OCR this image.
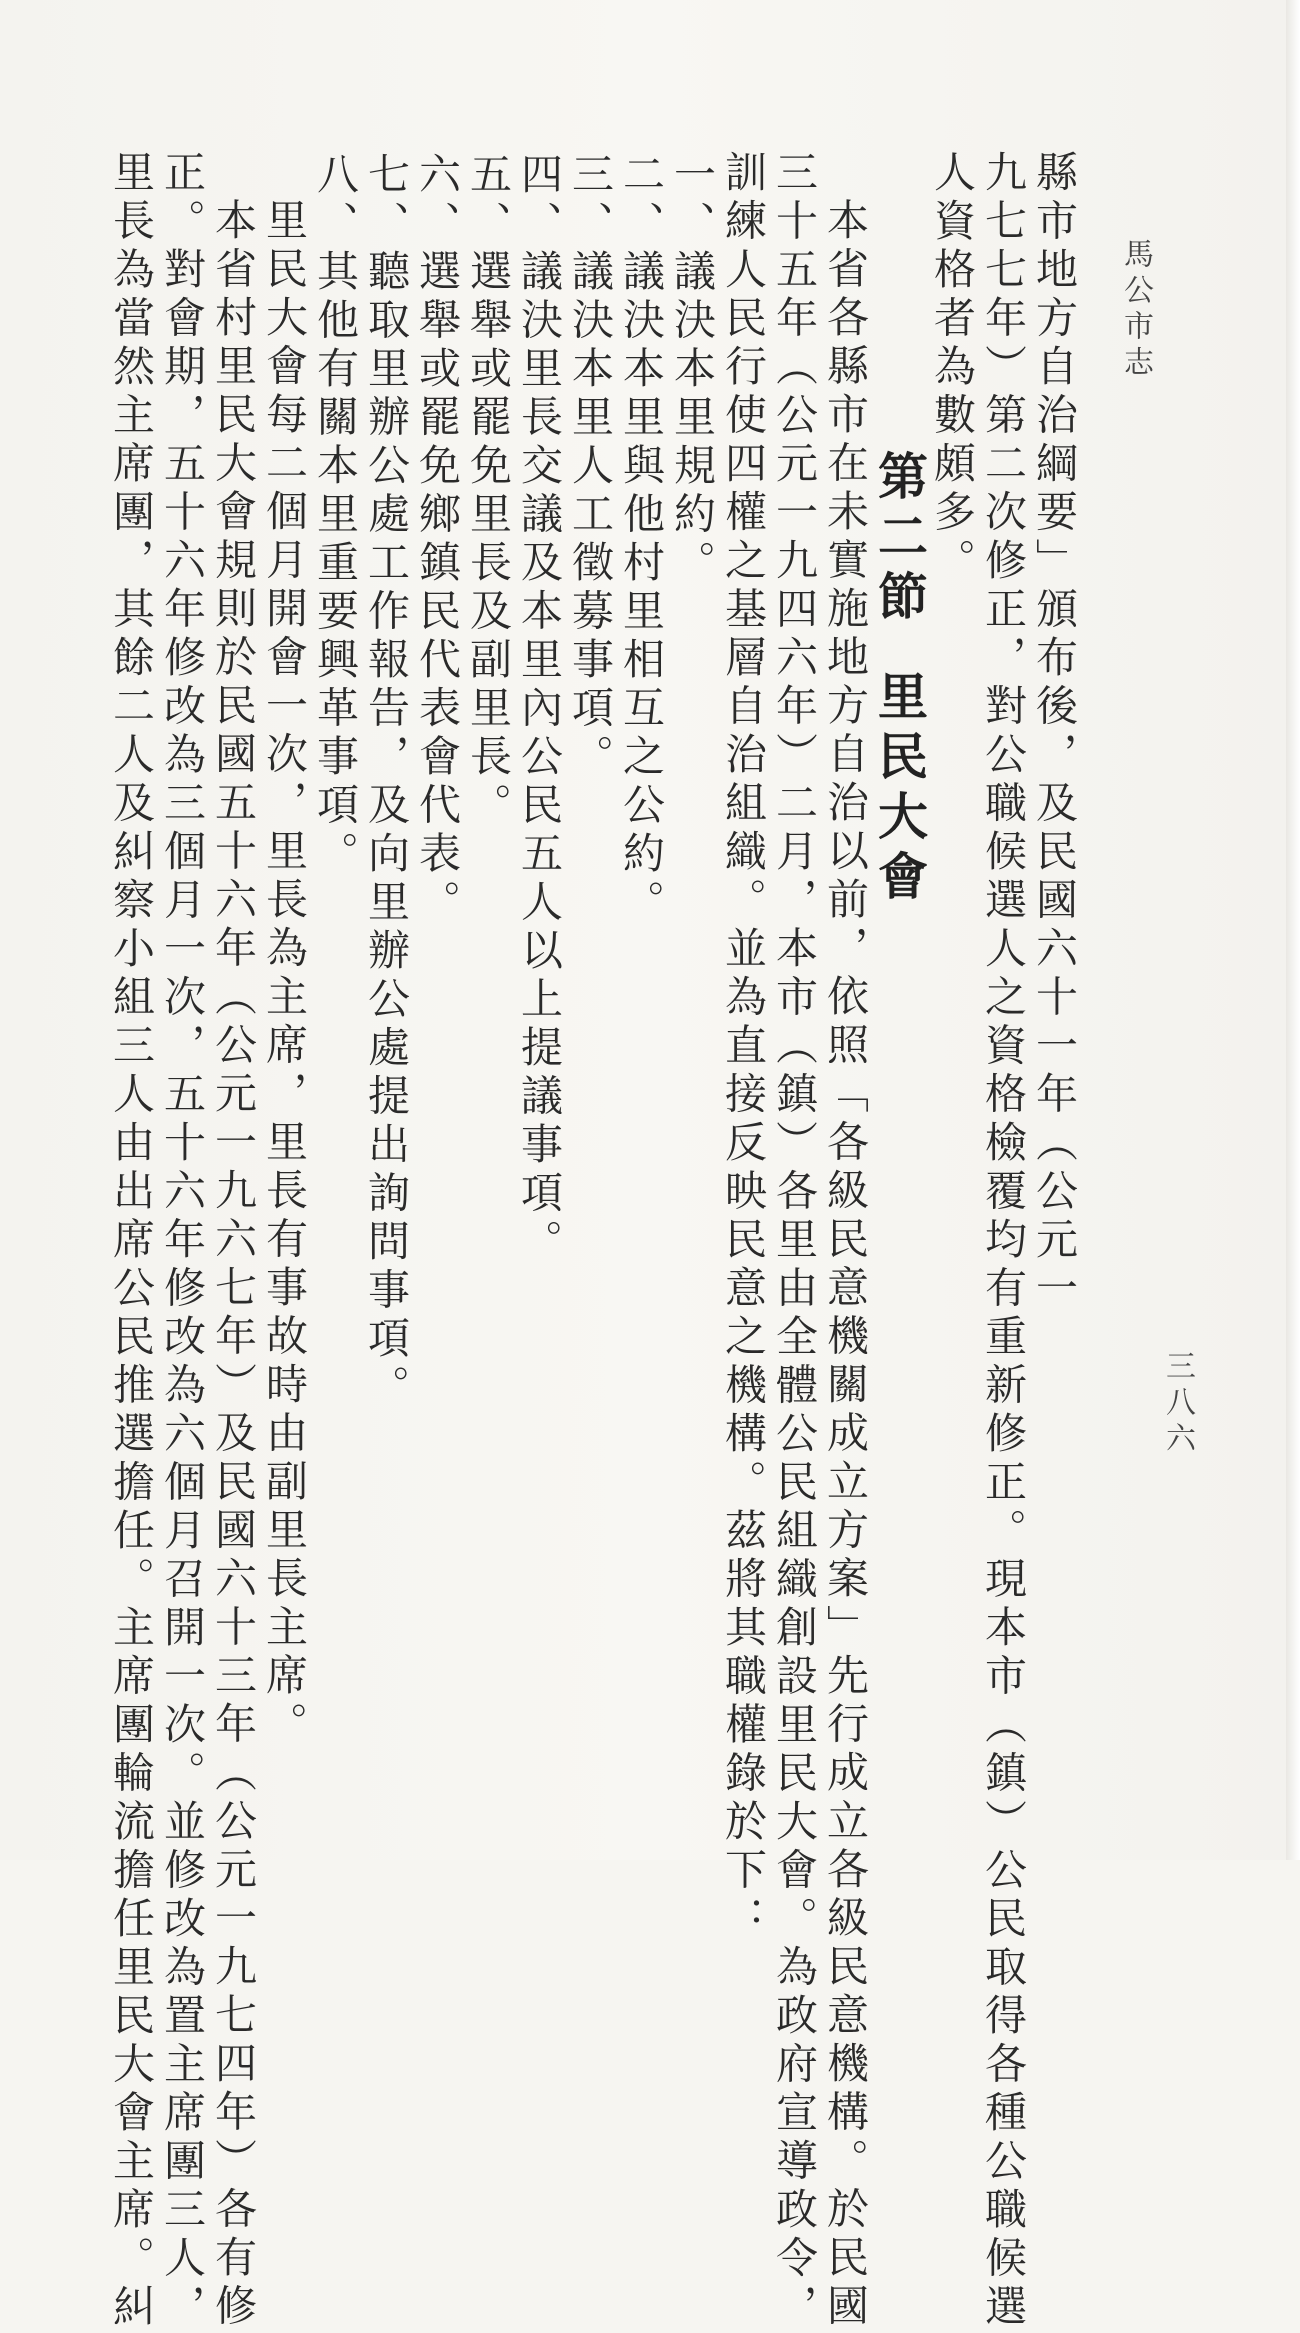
馬公市志
三八六

縣市地方自治綱要」頒布後，及民國六十一年（公元一

九七七年）第二次修正，對公職候選人之資格檢覆均有重新修正。現本市（鎮）公民取得各種公職候選

人資格者為數頗多。

第二節里民大會

本省各縣市在未實施地方自治以前，依照「各級民意機關成立方案」先行成立各級民意機構。於民國

三十五年（公元一九四六年）二月，本市（鎮）各里由全體公民組織創設里民大會。為政府宣導政令，

訓練人民行使四權之基層自治組織。並為直接反映民意之機構。茲將其職權錄於下：

一、議決本里規約。

二、議決本里與他村里相互之公約。

三、議決本里人工徵募事項。

四、議決里長交議及本里內公民五人以上提議事項。

五、選舉或罷免里長及副里長。

六、選舉或罷免鄉鎮民代表會代表。

七、聽取里辦公處工作報告，及向里辦公處提出詢問事項。

八、其他有關本里重要興革事項。

里民大會每二個月開會一次，里長為主席，里長有事故時由副里長主席。

本省村里民大會規則於民國五十六年（公元一九六七年）及民國六十三年（公元一九七四年）各有修

正。對會期，五十六年修改為三個月一次，五十六年修改為六個月召開一次。並修改為置主席團三人，

里長為當然主席團，其餘二人及糾察小組三人由出席公民推選擔任。主席團輪流擔任里民大會主席。糾
